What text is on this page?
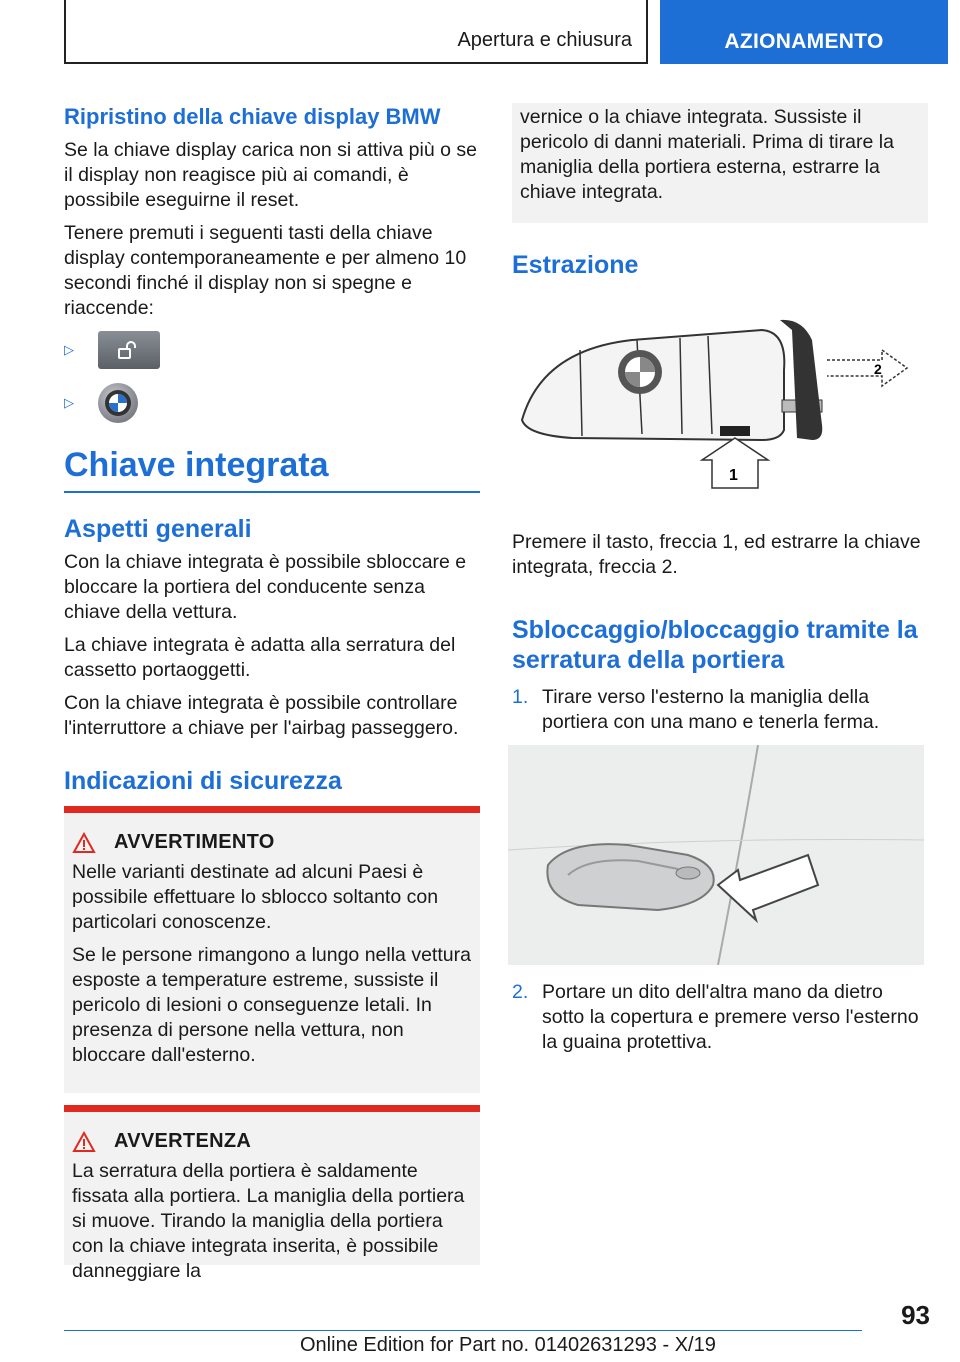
Apertura e chiusura	AZIONAMENTO
Ripristino della chiave display BMW

Se la chiave display carica non si attiva più o se il display non reagisce più ai comandi, è possibile eseguirne il reset.

Tenere premuti i seguenti tasti della chiave display contemporaneamente e per almeno 10 secondi finché il display non si spegne e riaccende:

▷
▷
Chiave integrata
Aspetti generali

Con la chiave integrata è possibile sbloccare e bloccare la portiera del conducente senza chiave della vettura.

La chiave integrata è adatta alla serratura del cassetto portaoggetti.

Con la chiave integrata è possibile controllare l'interruttore a chiave per l'airbag passeggero.

Indicazioni di sicurezza
AVVERTIMENTO

Nelle varianti destinate ad alcuni Paesi è possibile effettuare lo sblocco soltanto con particolari conoscenze.

Se le persone rimangono a lungo nella vettura esposte a temperature estreme, sussiste il pericolo di lesioni o conseguenze letali. In presenza di persone nella vettura, non bloccare dall'esterno.

AVVERTENZA

La serratura della portiera è saldamente fissata alla portiera. La maniglia della portiera si muove. Tirando la maniglia della portiera con la chiave integrata inserita, è possibile danneggiare la

vernice o la chiave integrata. Sussiste il pericolo di danni materiali. Prima di tirare la maniglia della portiera esterna, estrarre la chiave integrata.

Estrazione
2
1

Premere il tasto, freccia 1, ed estrarre la chiave integrata, freccia 2.

Sbloccaggio/bloccaggio tramite la serratura della portiera
1. Tirare verso l'esterno la maniglia della portiera con una mano e tenerla ferma.
2. Portare un dito dell'altra mano da dietro sotto la copertura e premere verso l'esterno la guaina protettiva.
93
Online Edition for Part no. 01402631293 - X/19
